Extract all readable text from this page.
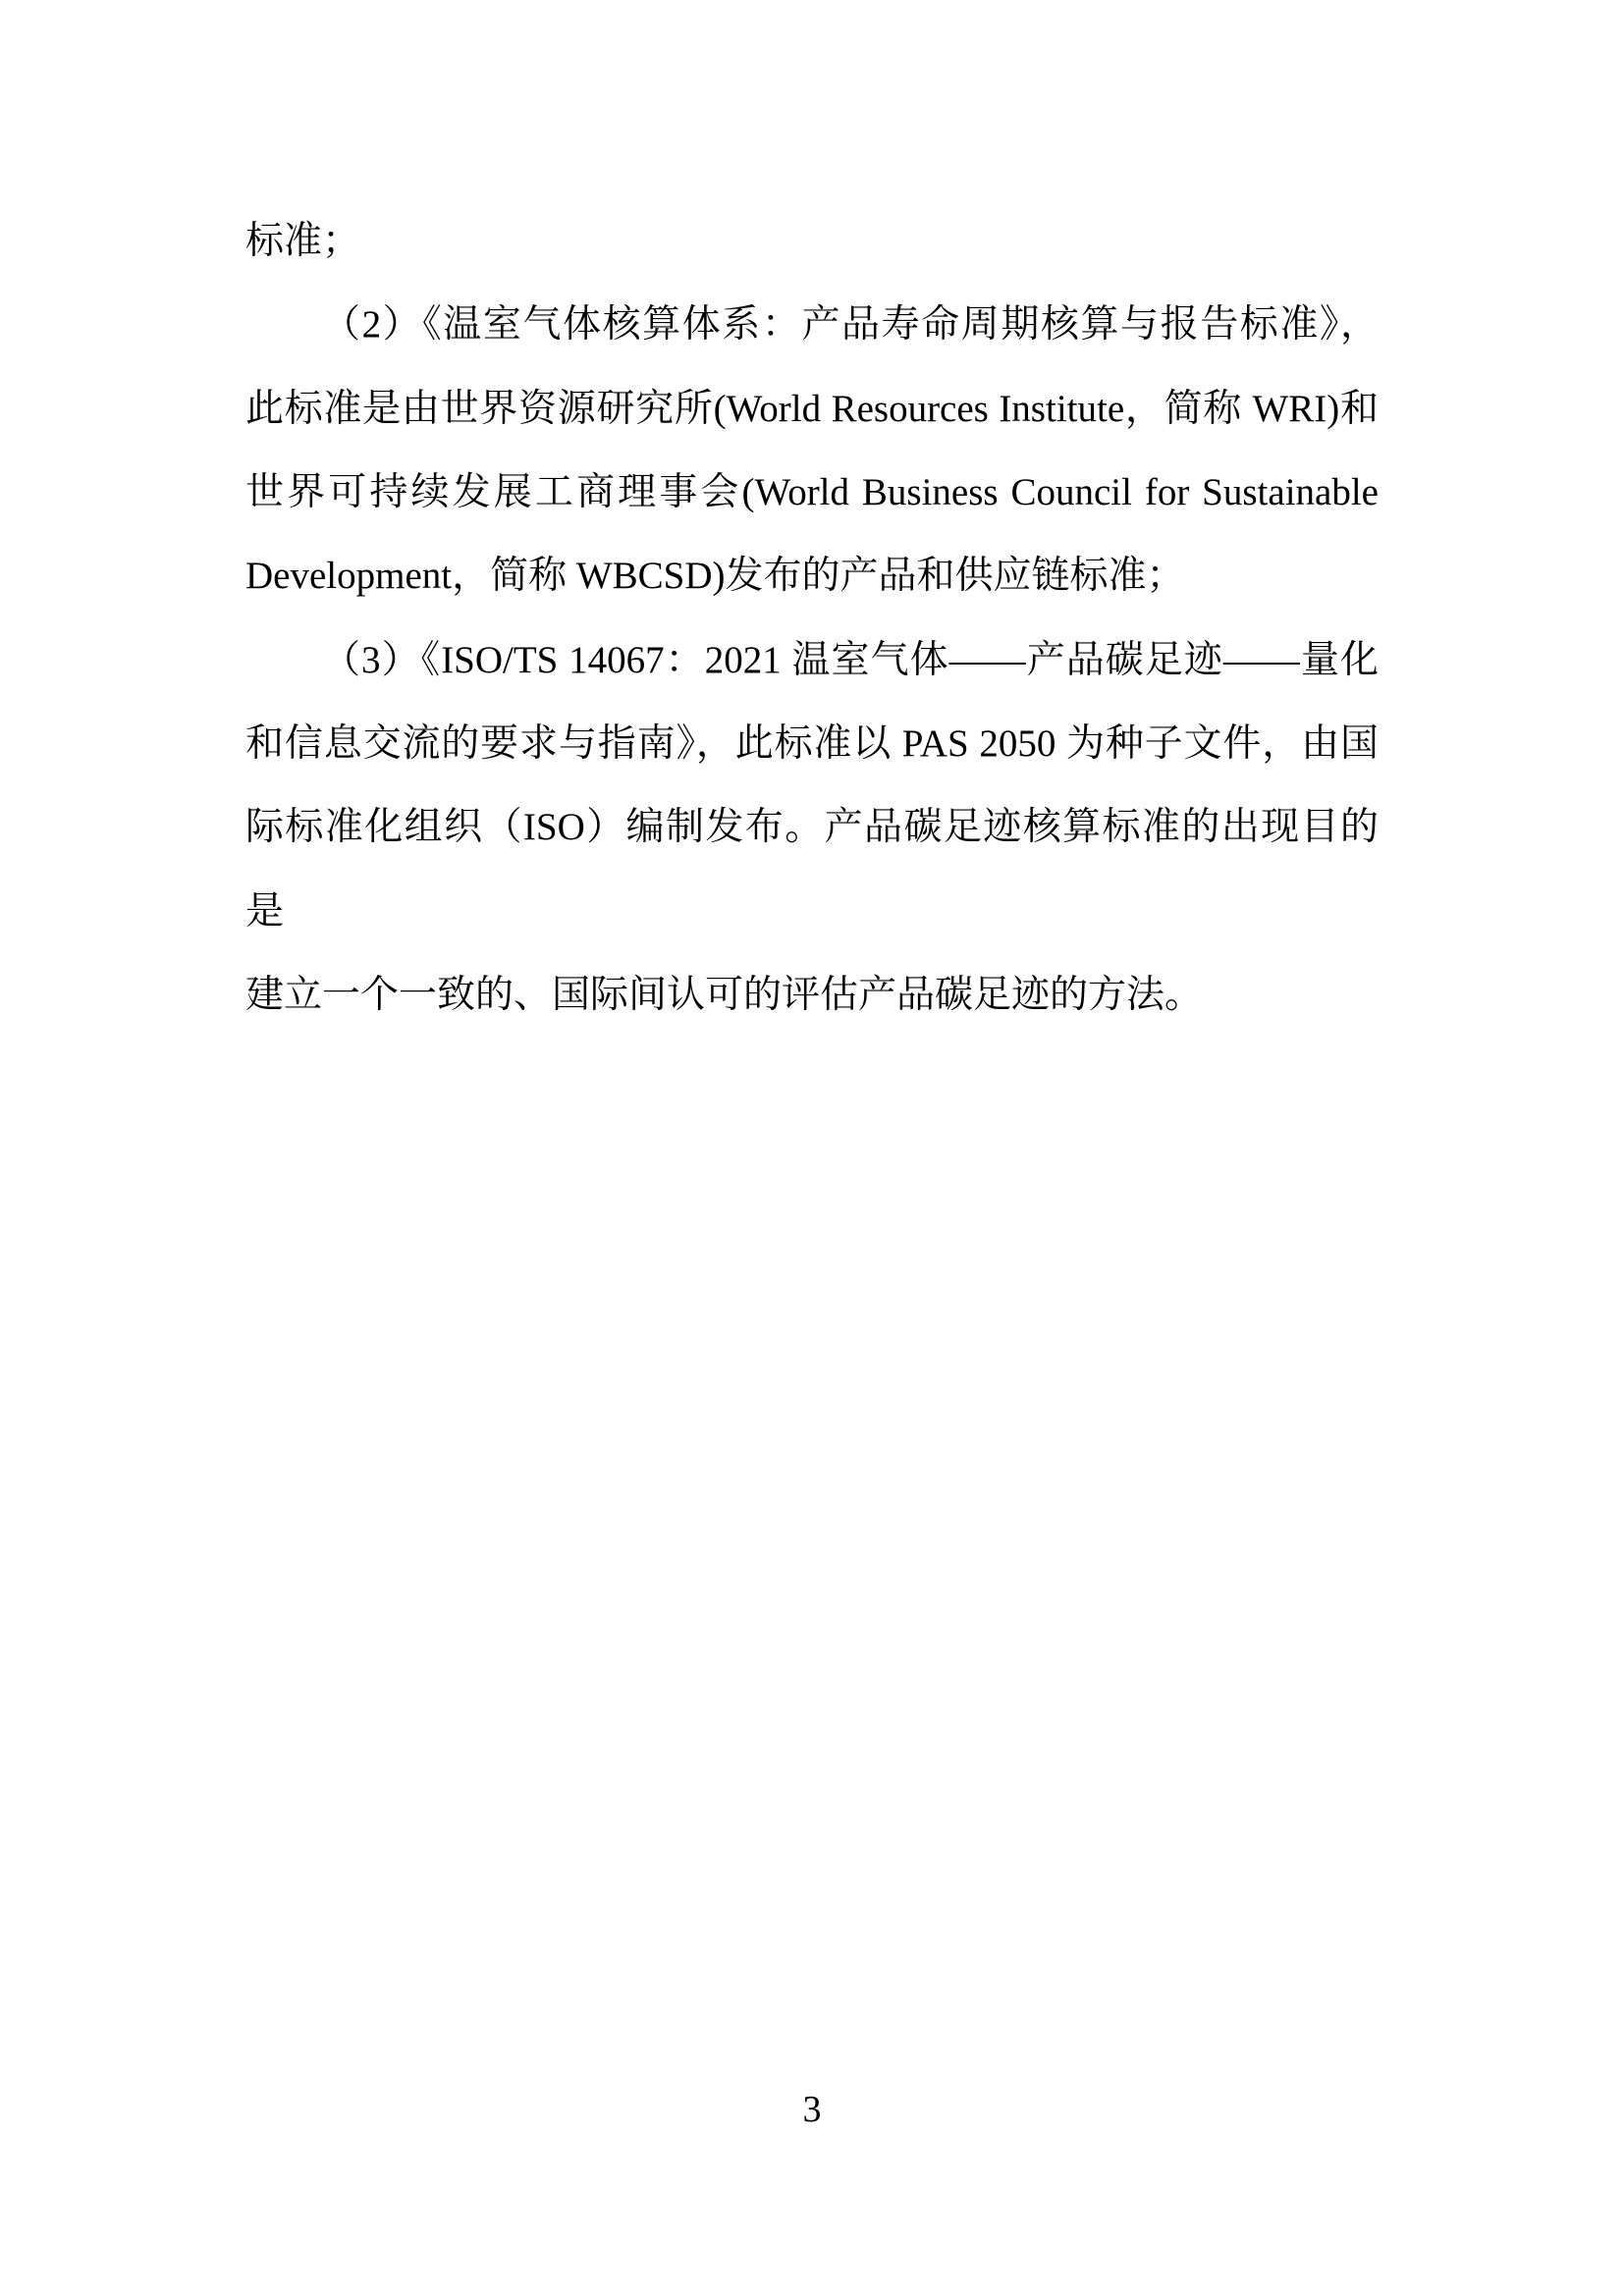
标准；

（2）《温室气体核算体系：产品寿命周期核算与报告标准》，
此标准是由世界资源研究所(World Resources Institute，简称 WRI)和
世界可持续发展工商理事会(World Business Council for Sustainable
Development，简称 WBCSD)发布的产品和供应链标准；

（3）《ISO/TS 14067：2021 温室气体——产品碳足迹——量化
和信息交流的要求与指南》，此标准以 PAS 2050 为种子文件，由国
际标准化组织（ISO）编制发布。产品碳足迹核算标准的出现目的是
建立一个一致的、国际间认可的评估产品碳足迹的方法。

3
